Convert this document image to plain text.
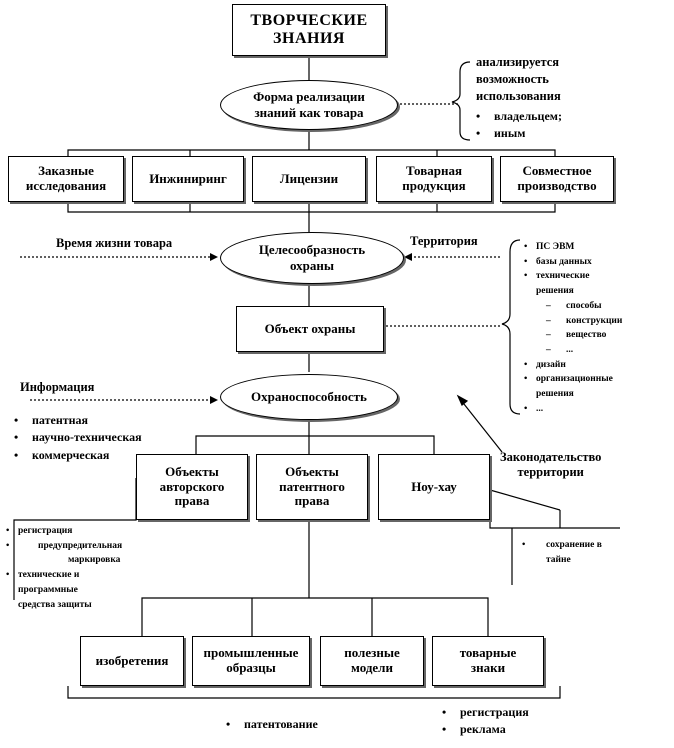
ТВОРЧЕСКИЕ
ЗНАНИЯ
Форма реализации
знаний как товара
анализируется
возможность
использования
• владельцем;
• иным
Заказные
исследования	Инжиниринг	Лицензии	Товарная
продукция
Совместное
производство
Время жизни товара	Территория
Целесообразность
охраны
• ПС ЭВМ
• базы данных
• технические
решения
– способы
– конструкции
– вещество
– ...
• дизайн
• организационные
решения
• ...
Объект охраны
Информация
• патентная
• научно-техническая
• коммерческая
Охраноспособность
Законодательство
территории
Объекты
авторского
права
Объекты
патентного
права
Ноу-хау
• регистрация
• предупредительная
маркировка
• технические и
программные
средства защиты
• сохранение в
тайне
изобретения	промышленные
образцы
полезные
модели
товарные
знаки
• патентование
• регистрация
• реклама
